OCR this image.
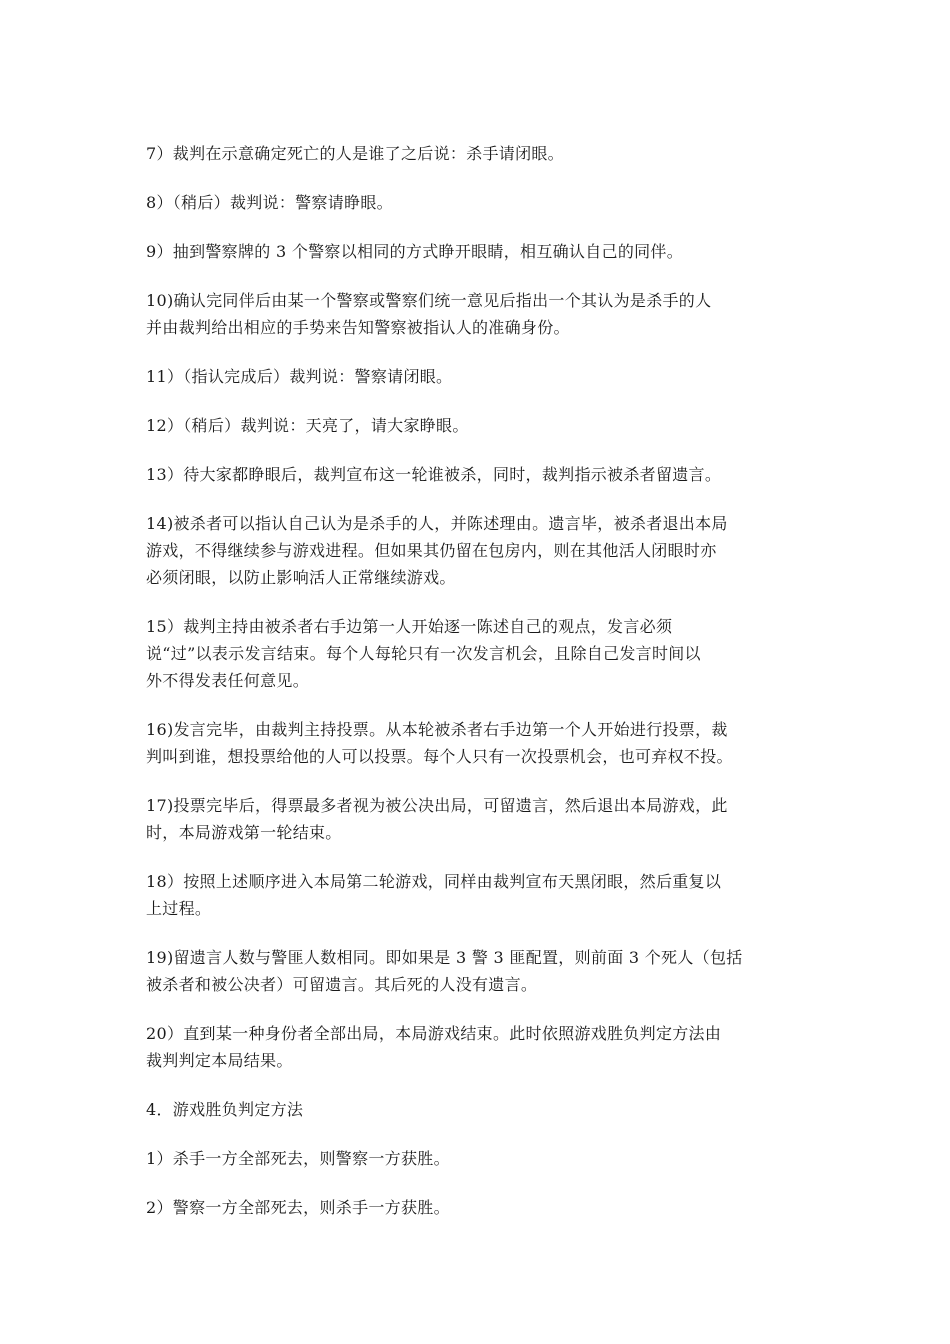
7）裁判在示意确定死亡的人是谁了之后说：杀手请闭眼。

8）（稍后）裁判说：警察请睁眼。

9）抽到警察牌的 3 个警察以相同的方式睁开眼睛，相互确认自己的同伴。

10)确认完同伴后由某一个警察或警察们统一意见后指出一个其认为是杀手的人
并由裁判给出相应的手势来告知警察被指认人的准确身份。

11）（指认完成后）裁判说：警察请闭眼。

12）（稍后）裁判说：天亮了，请大家睁眼。

13）待大家都睁眼后，裁判宣布这一轮谁被杀，同时，裁判指示被杀者留遗言。

14)被杀者可以指认自己认为是杀手的人，并陈述理由。遗言毕，被杀者退出本局
游戏，不得继续参与游戏进程。但如果其仍留在包房内，则在其他活人闭眼时亦
必须闭眼，以防止影响活人正常继续游戏。

15）裁判主持由被杀者右手边第一人开始逐一陈述自己的观点，发言必须
说“过”以表示发言结束。每个人每轮只有一次发言机会，且除自己发言时间以
外不得发表任何意见。

16)发言完毕，由裁判主持投票。从本轮被杀者右手边第一个人开始进行投票，裁
判叫到谁，想投票给他的人可以投票。每个人只有一次投票机会，也可弃权不投。

17)投票完毕后，得票最多者视为被公决出局，可留遗言，然后退出本局游戏，此
时，本局游戏第一轮结束。

18）按照上述顺序进入本局第二轮游戏，同样由裁判宣布天黑闭眼，然后重复以
上过程。

19)留遗言人数与警匪人数相同。即如果是 3 警 3 匪配置，则前面 3 个死人（包括
被杀者和被公决者）可留遗言。其后死的人没有遗言。

20）直到某一种身份者全部出局，本局游戏结束。此时依照游戏胜负判定方法由
裁判判定本局结果。

4．游戏胜负判定方法

1）杀手一方全部死去，则警察一方获胜。

2）警察一方全部死去，则杀手一方获胜。
